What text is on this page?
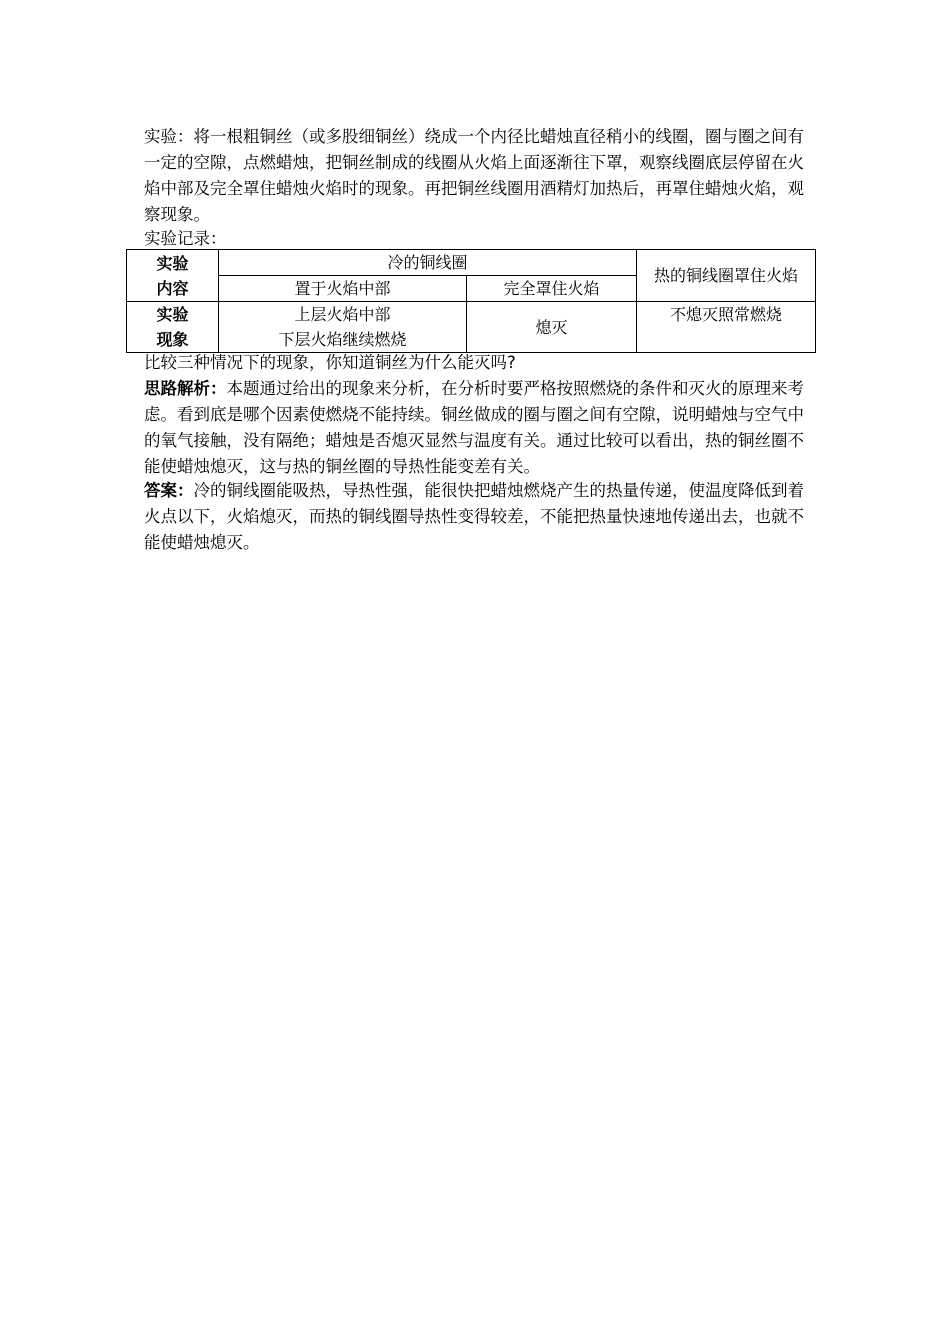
实验：将一根粗铜丝（或多股细铜丝）绕成一个内径比蜡烛直径稍小的线圈，圈与圈之间有一定的空隙，点燃蜡烛，把铜丝制成的线圈从火焰上面逐渐往下罩，观察线圈底层停留在火焰中部及完全罩住蜡烛火焰时的现象。再把铜丝线圈用酒精灯加热后，再罩住蜡烛火焰，观察现象。

实验记录：

实验
内容	冷的铜线圈		热的铜线圈罩住火焰
	置于火焰中部	完全罩住火焰	

实验
现象	上层火焰中部
下层火焰继续燃烧	熄灭	不熄灭照常燃烧

比较三种情况下的现象，你知道铜丝为什么能灭吗?

思路解析：本题通过给出的现象来分析，在分析时要严格按照燃烧的条件和灭火的原理来考虑。看到底是哪个因素使燃烧不能持续。铜丝做成的圈与圈之间有空隙，说明蜡烛与空气中的氧气接触，没有隔绝；蜡烛是否熄灭显然与温度有关。通过比较可以看出，热的铜丝圈不能使蜡烛熄灭，这与热的铜丝圈的导热性能变差有关。

答案：冷的铜线圈能吸热，导热性强，能很快把蜡烛燃烧产生的热量传递，使温度降低到着火点以下，火焰熄灭，而热的铜线圈导热性变得较差，不能把热量快速地传递出去，也就不能使蜡烛熄灭。
